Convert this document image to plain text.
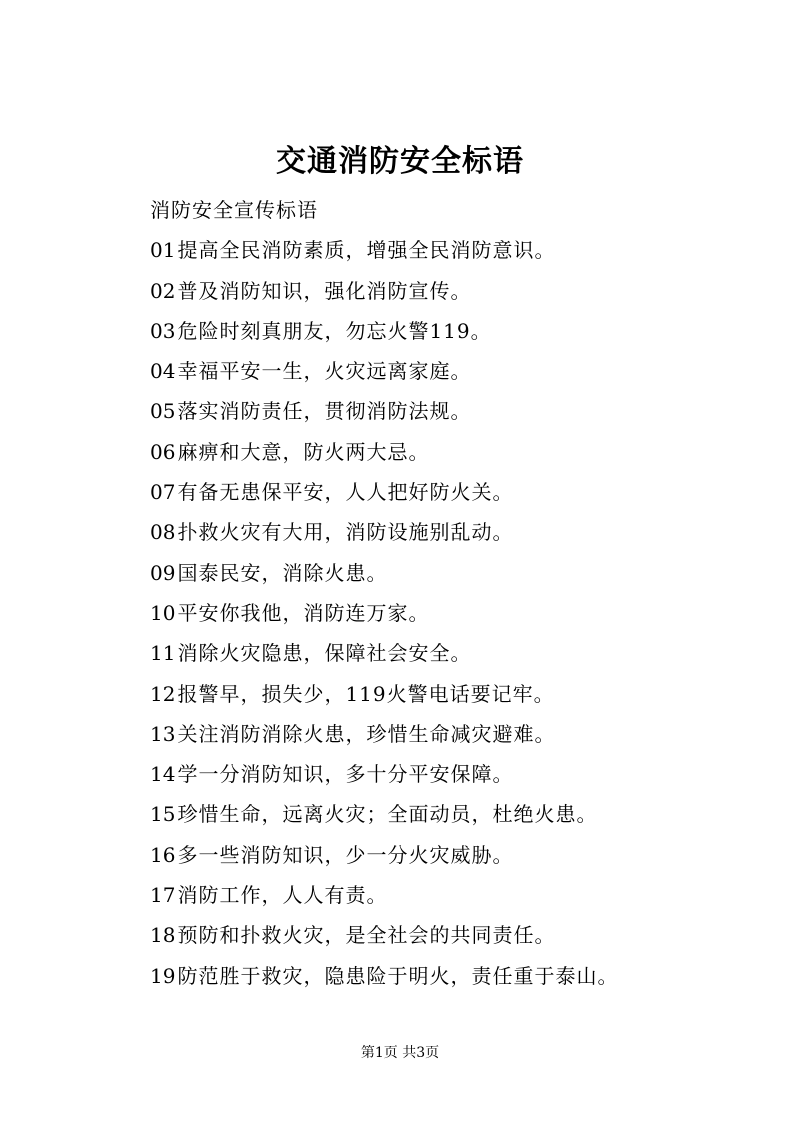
交通消防安全标语
消防安全宣传标语
01 提高全民消防素质，增强全民消防意识。
02 普及消防知识，强化消防宣传。
03 危险时刻真朋友，勿忘火警119。
04 幸福平安一生，火灾远离家庭。
05 落实消防责任，贯彻消防法规。
06 麻痹和大意，防火两大忌。
07 有备无患保平安，人人把好防火关。
08 扑救火灾有大用，消防设施别乱动。
09 国泰民安，消除火患。
10 平安你我他，消防连万家。
11 消除火灾隐患，保障社会安全。
12 报警早，损失少，119火警电话要记牢。
13 关注消防消除火患，珍惜生命减灾避难。
14 学一分消防知识，多十分平安保障。
15 珍惜生命，远离火灾；全面动员，杜绝火患。
16 多一些消防知识，少一分火灾威胁。
17 消防工作，人人有责。
18 预防和扑救火灾，是全社会的共同责任。
19 防范胜于救灾，隐患险于明火，责任重于泰山。
第1页 共3页
